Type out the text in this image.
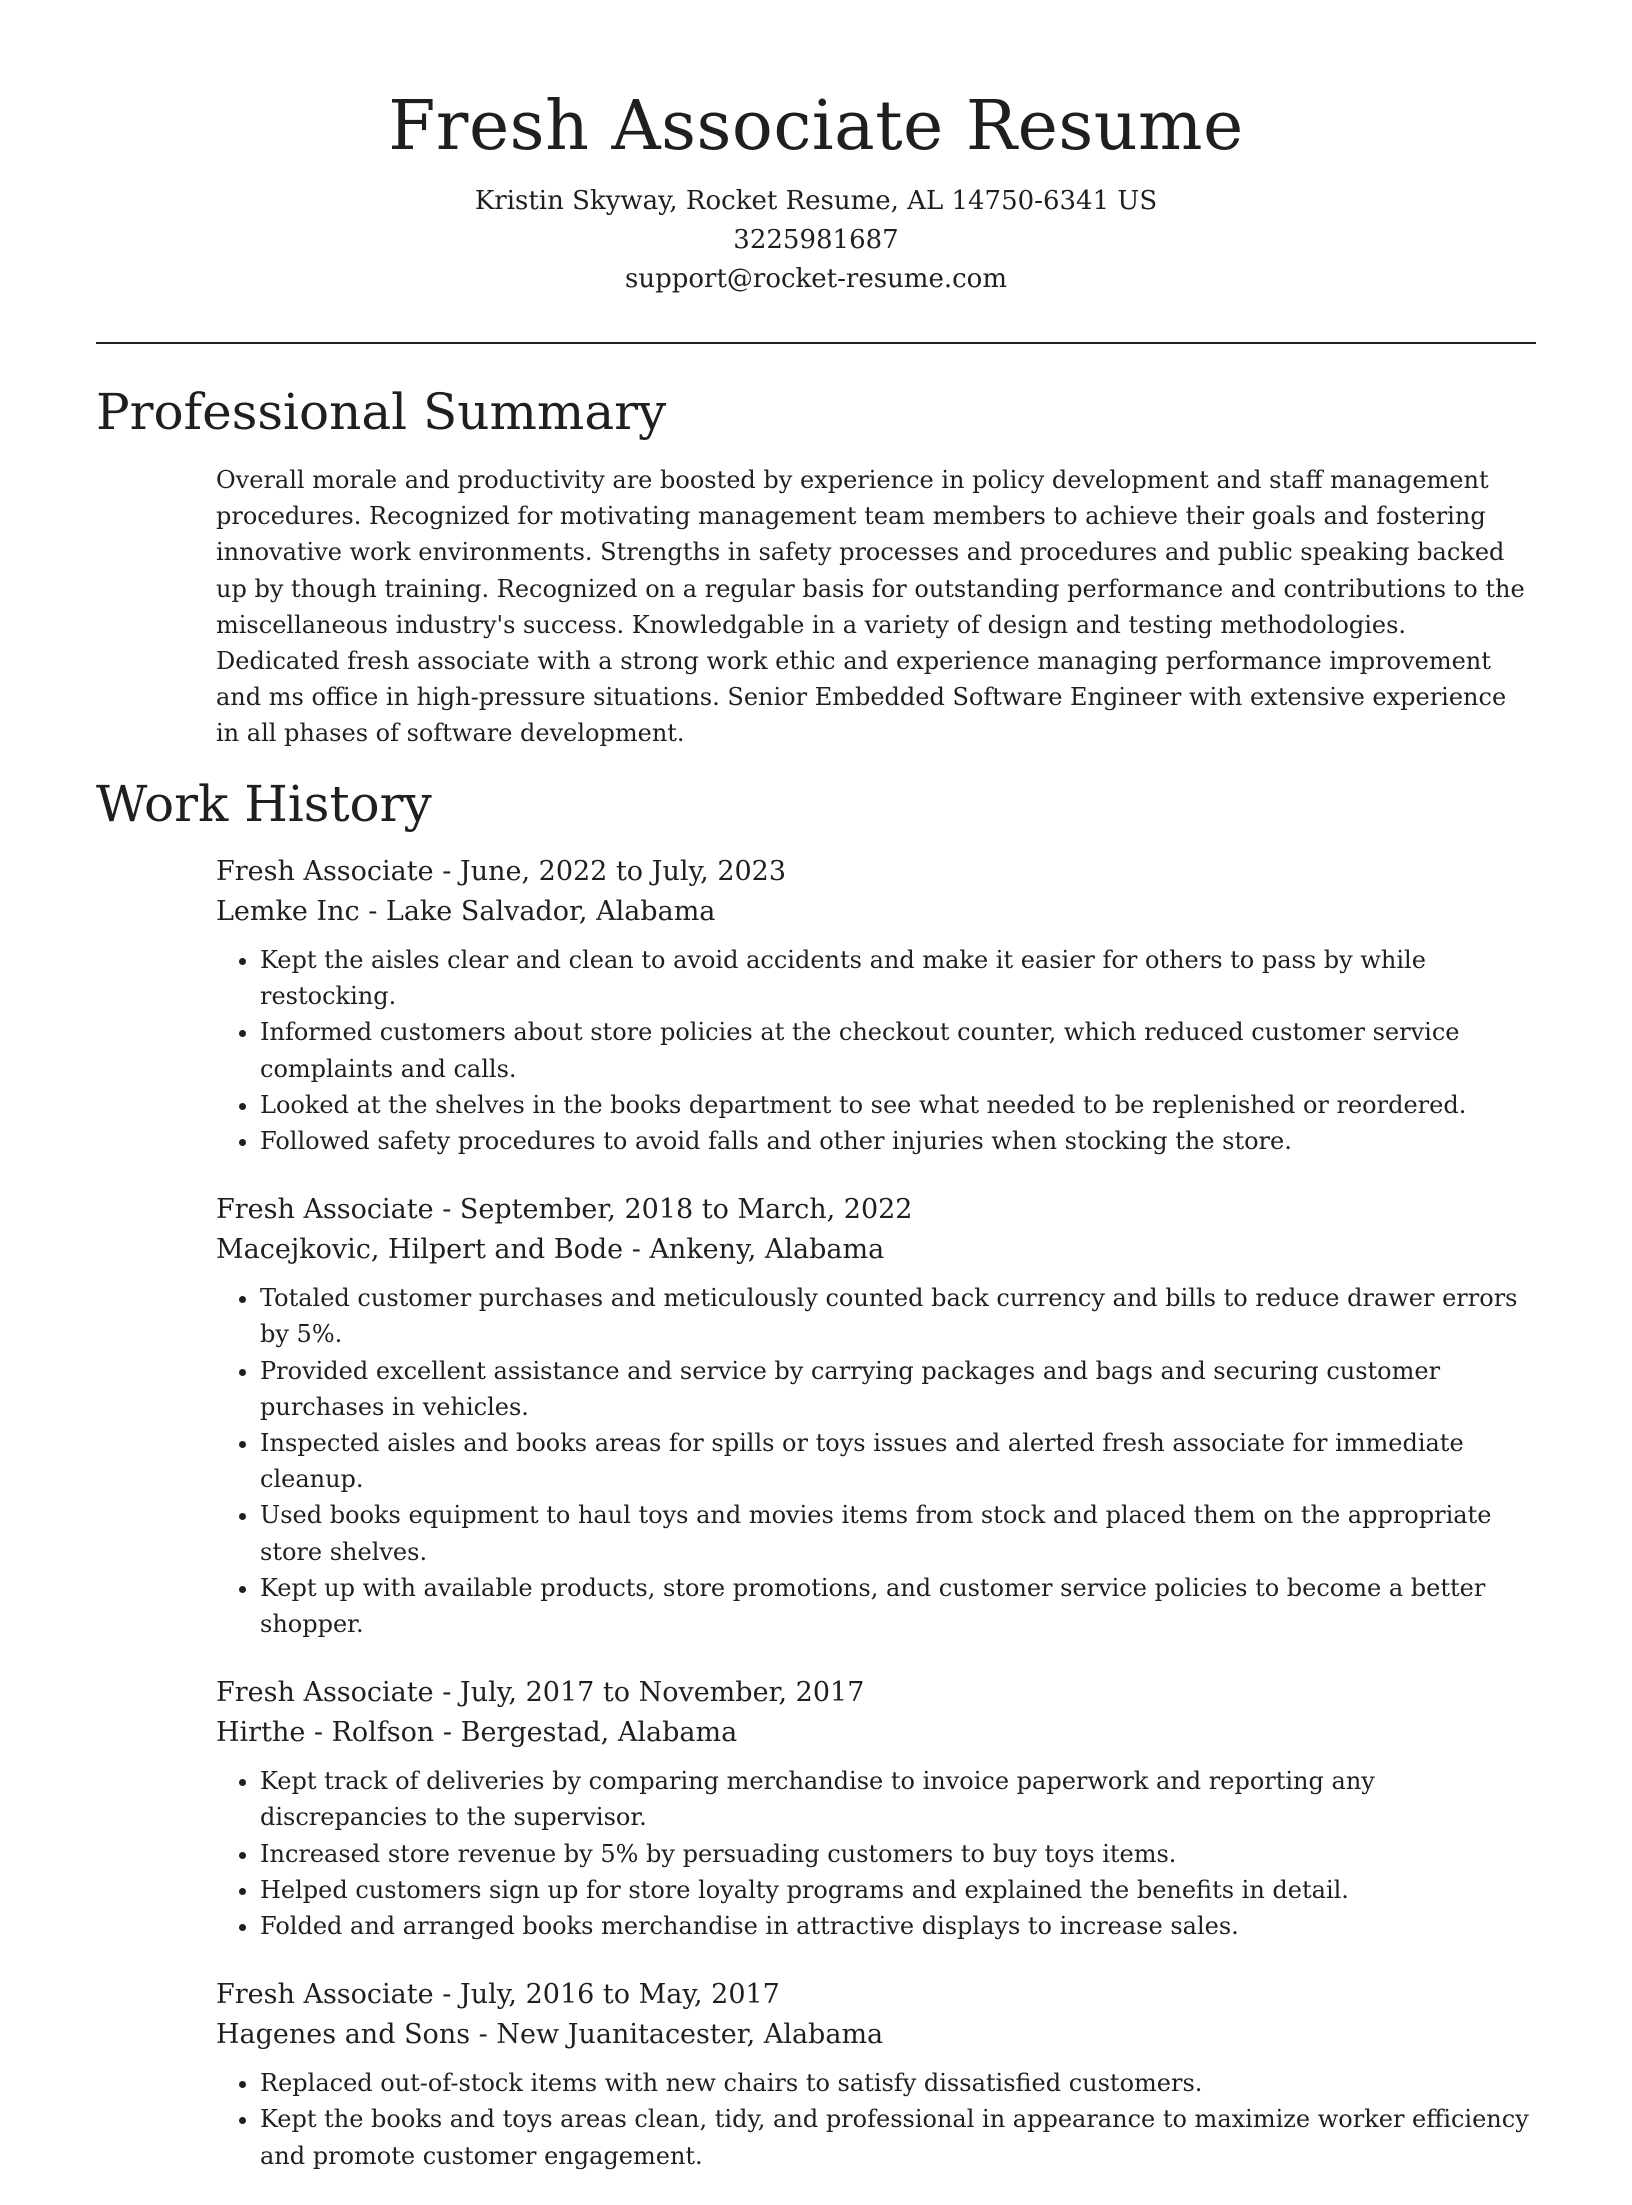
Fresh Associate Resume

Kristin Skyway, Rocket Resume, AL 14750-6341 US

3225981687

support@rocket-resume.com

Professional Summary

Overall morale and productivity are boosted by experience in policy development and staff management procedures. Recognized for motivating management team members to achieve their goals and fostering innovative work environments. Strengths in safety processes and procedures and public speaking backed up by though training. Recognized on a regular basis for outstanding performance and contributions to the miscellaneous industry's success. Knowledgable in a variety of design and testing methodologies. Dedicated fresh associate with a strong work ethic and experience managing performance improvement and ms office in high-pressure situations. Senior Embedded Software Engineer with extensive experience in all phases of software development.

Work History

Fresh Associate - June, 2022 to July, 2023

Lemke Inc - Lake Salvador, Alabama

• Kept the aisles clear and clean to avoid accidents and make it easier for others to pass by while restocking.
• Informed customers about store policies at the checkout counter, which reduced customer service complaints and calls.
• Looked at the shelves in the books department to see what needed to be replenished or reordered.
• Followed safety procedures to avoid falls and other injuries when stocking the store.

Fresh Associate - September, 2018 to March, 2022

Macejkovic, Hilpert and Bode - Ankeny, Alabama

• Totaled customer purchases and meticulously counted back currency and bills to reduce drawer errors by 5%.
• Provided excellent assistance and service by carrying packages and bags and securing customer purchases in vehicles.
• Inspected aisles and books areas for spills or toys issues and alerted fresh associate for immediate cleanup.
• Used books equipment to haul toys and movies items from stock and placed them on the appropriate store shelves.
• Kept up with available products, store promotions, and customer service policies to become a better shopper.

Fresh Associate - July, 2017 to November, 2017

Hirthe - Rolfson - Bergestad, Alabama

• Kept track of deliveries by comparing merchandise to invoice paperwork and reporting any discrepancies to the supervisor.
• Increased store revenue by 5% by persuading customers to buy toys items.
• Helped customers sign up for store loyalty programs and explained the benefits in detail.
• Folded and arranged books merchandise in attractive displays to increase sales.

Fresh Associate - July, 2016 to May, 2017

Hagenes and Sons - New Juanitacester, Alabama

• Replaced out-of-stock items with new chairs to satisfy dissatisfied customers.
• Kept the books and toys areas clean, tidy, and professional in appearance to maximize worker efficiency and promote customer engagement.
